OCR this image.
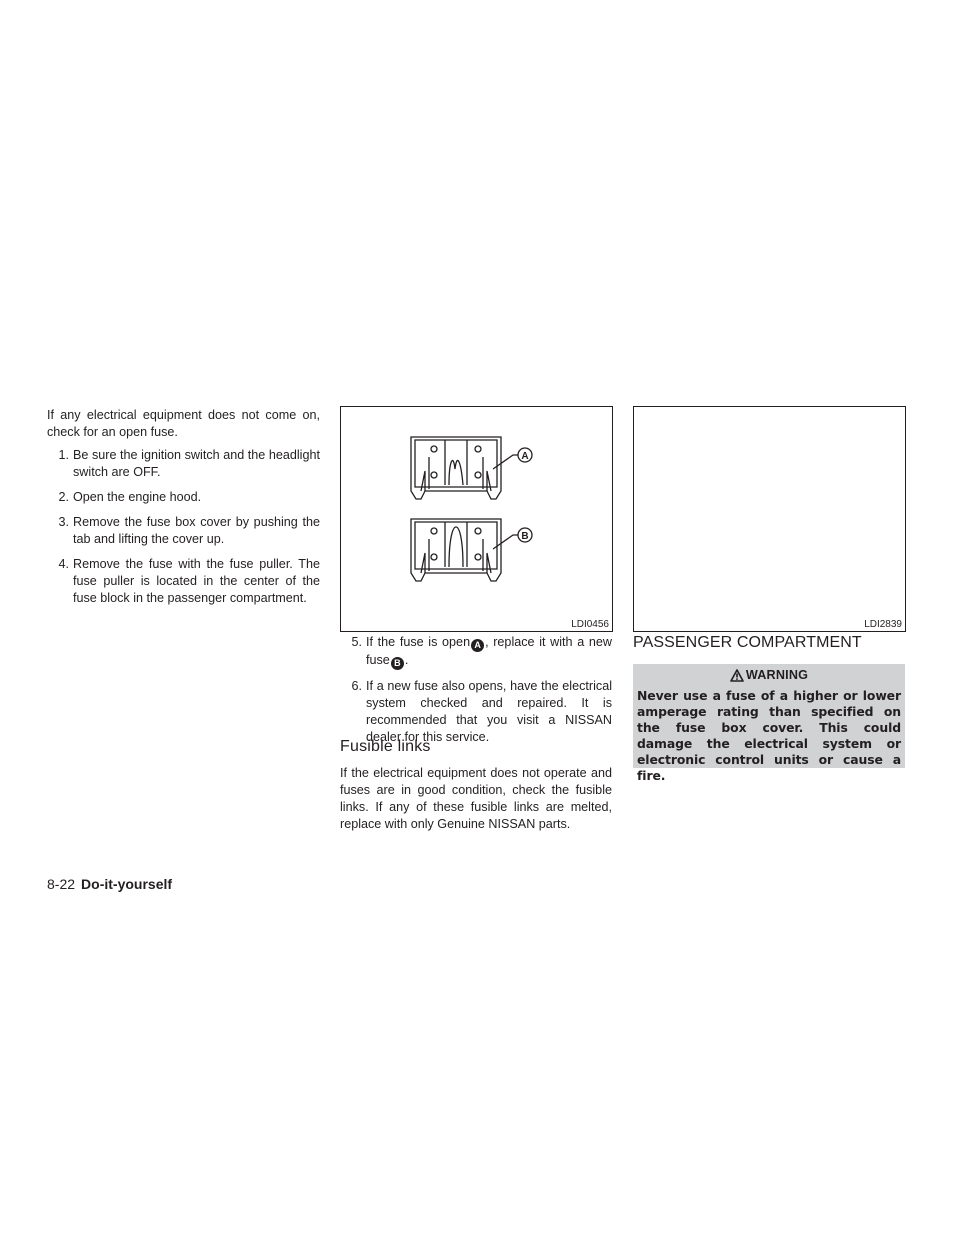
If any electrical equipment does not come on, check for an open fuse.

1. Be sure the ignition switch and the headlight switch are OFF.
2. Open the engine hood.
3. Remove the fuse box cover by pushing the tab and lifting the cover up.
4. Remove the fuse with the fuse puller. The fuse puller is located in the center of the fuse block in the passenger compartment.
A
B
LDI0456	LDI2839
5. If the fuse is open A , replace it with a new fuse B .
6. If a new fuse also opens, have the electrical system checked and repaired. It is recommended that you visit a NISSAN dealer for this service.
Fusible links

If the electrical equipment does not operate and fuses are in good condition, check the fusible links. If any of these fusible links are melted, replace with only Genuine NISSAN parts.

PASSENGER COMPARTMENT
WARNING
Never use a fuse of a higher or lower amperage rating than specified on the fuse box cover. This could damage the electrical system or electronic control units or cause a fire.
8-22 Do-it-yourself
